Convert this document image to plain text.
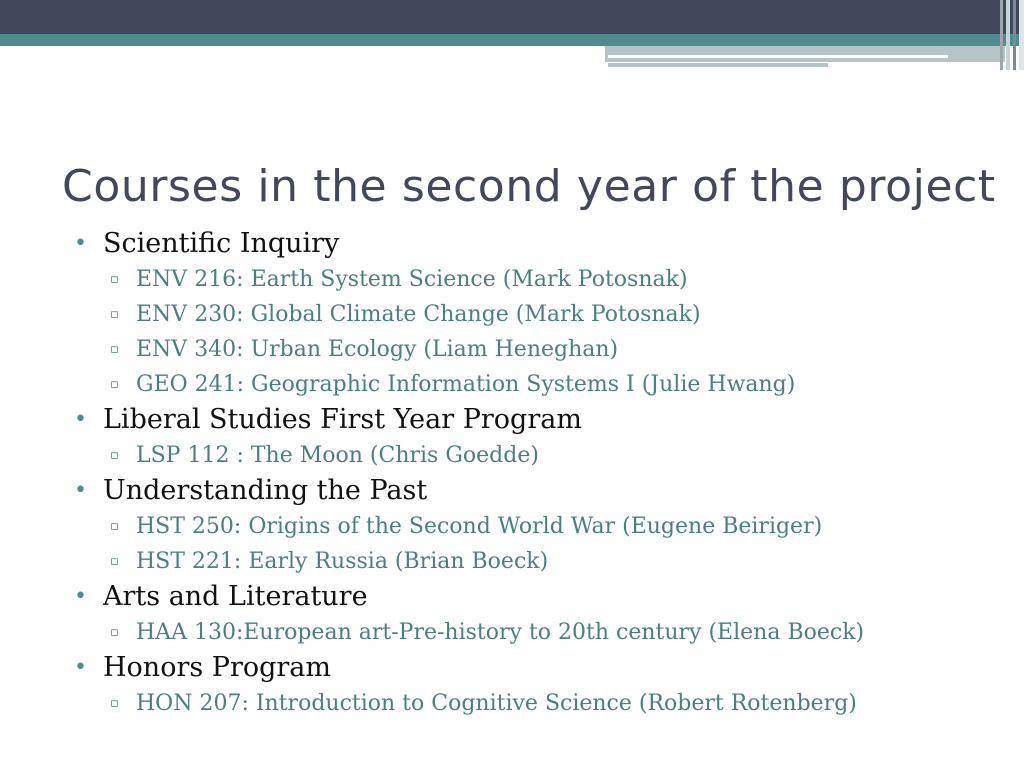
Courses in the second year of the project
• Scientific Inquiry
▫ ENV 216: Earth System Science (Mark Potosnak)
▫ ENV 230: Global Climate Change (Mark Potosnak)
▫ ENV 340: Urban Ecology (Liam Heneghan)
▫ GEO 241: Geographic Information Systems I (Julie Hwang)
• Liberal Studies First Year Program
▫ LSP 112 : The Moon (Chris Goedde)
• Understanding the Past
▫ HST 250: Origins of the Second World War (Eugene Beiriger)
▫ HST 221: Early Russia (Brian Boeck)
• Arts and Literature
▫ HAA 130:European art-Pre-history to 20th century (Elena Boeck)
• Honors Program
▫ HON 207: Introduction to Cognitive Science (Robert Rotenberg)
